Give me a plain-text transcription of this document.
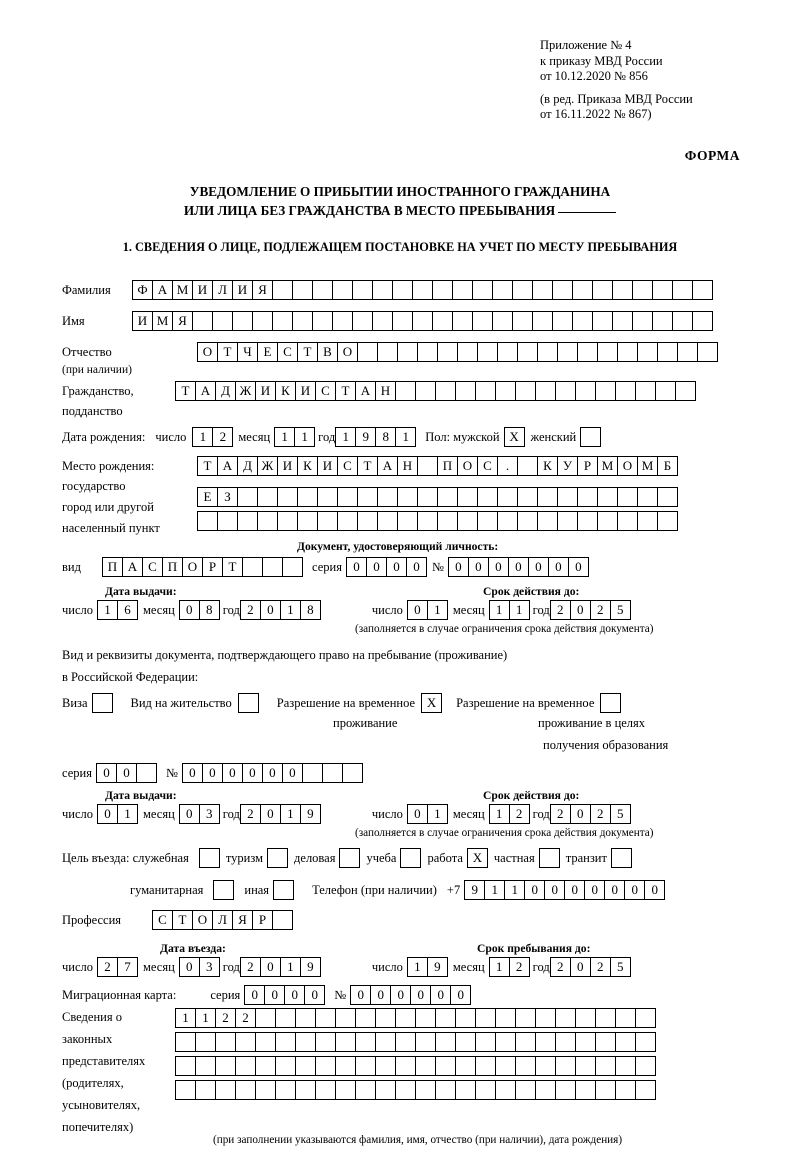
Приложение № 4
к приказу МВД России
от 10.12.2020 № 856
(в ред. Приказа МВД России
от 16.11.2022 № 867)
ФОРМА
УВЕДОМЛЕНИЕ О ПРИБЫТИИ ИНОСТРАННОГО ГРАЖДАНИНА
ИЛИ ЛИЦА БЕЗ ГРАЖДАНСТВА В МЕСТО ПРЕБЫВАНИЯ
1. СВЕДЕНИЯ О ЛИЦЕ, ПОДЛЕЖАЩЕМ ПОСТАНОВКЕ НА УЧЕТ ПО МЕСТУ ПРЕБЫВАНИЯ
Фамилия	Ф А М И Л И Я
Имя	И М Я
Отчество	О Т Ч Е С Т В О
(при наличии)
Гражданство,	Т А Д Ж И К И С Т А Н
подданство
Дата рождения: число	1	2 месяц 1	1 год 1	9	8	1	Пол: мужской X женский
Место рождения:	Т А Д Ж И К И С Т А Н	П О С	.	К У Р М О М Б
государство
Е З
город или другой
населенный пункт
Документ, удостоверяющий личность:
вид	П А С П О Р Т	серия 0	0	0	0 № 0	0	0	0	0	0	0
Дата выдачи:	Срок действия до:
число 1	6 месяц 0	8 год 2	0	1	8	число 0	1 месяц 1	1 год 2	0	2	5
(заполняется в случае ограничения срока действия документа)
Вид и реквизиты документа, подтверждающего право на пребывание (проживание)
в Российской Федерации:
Виза	Вид на жительство	Разрешение на временное X	Разрешение на временное
проживание	проживание в целях
получения образования
серия 0	0	№ 0	0	0	0	0	0
Дата выдачи:	Срок действия до:
число 0	1 месяц 0	3 год 2	0	1	9	число 0	1 месяц 1	2 год 2	0	2	5
(заполняется в случае ограничения срока действия документа)
Цель въезда: служебная	туризм деловая учеба работа X частная транзит
гуманитарная	иная	Телефон (при наличии) +7 9	1	1	0	0	0	0	0	0	0
Профессия	С Т О Л Я Р
Дата въезда:	Срок пребывания до:
число 2	7 месяц 0	3 год 2	0	1	9	число 1	9 месяц 1	2 год 2	0	2	5
Миграционная карта:	серия 0	0	0	0	№ 0	0	0	0	0	0
Сведения о
законных
представителях
(родителях,
усыновителях,
попечителях)
1	1	2	2
(при заполнении указываются фамилия, имя, отчество (при наличии), дата рождения)
